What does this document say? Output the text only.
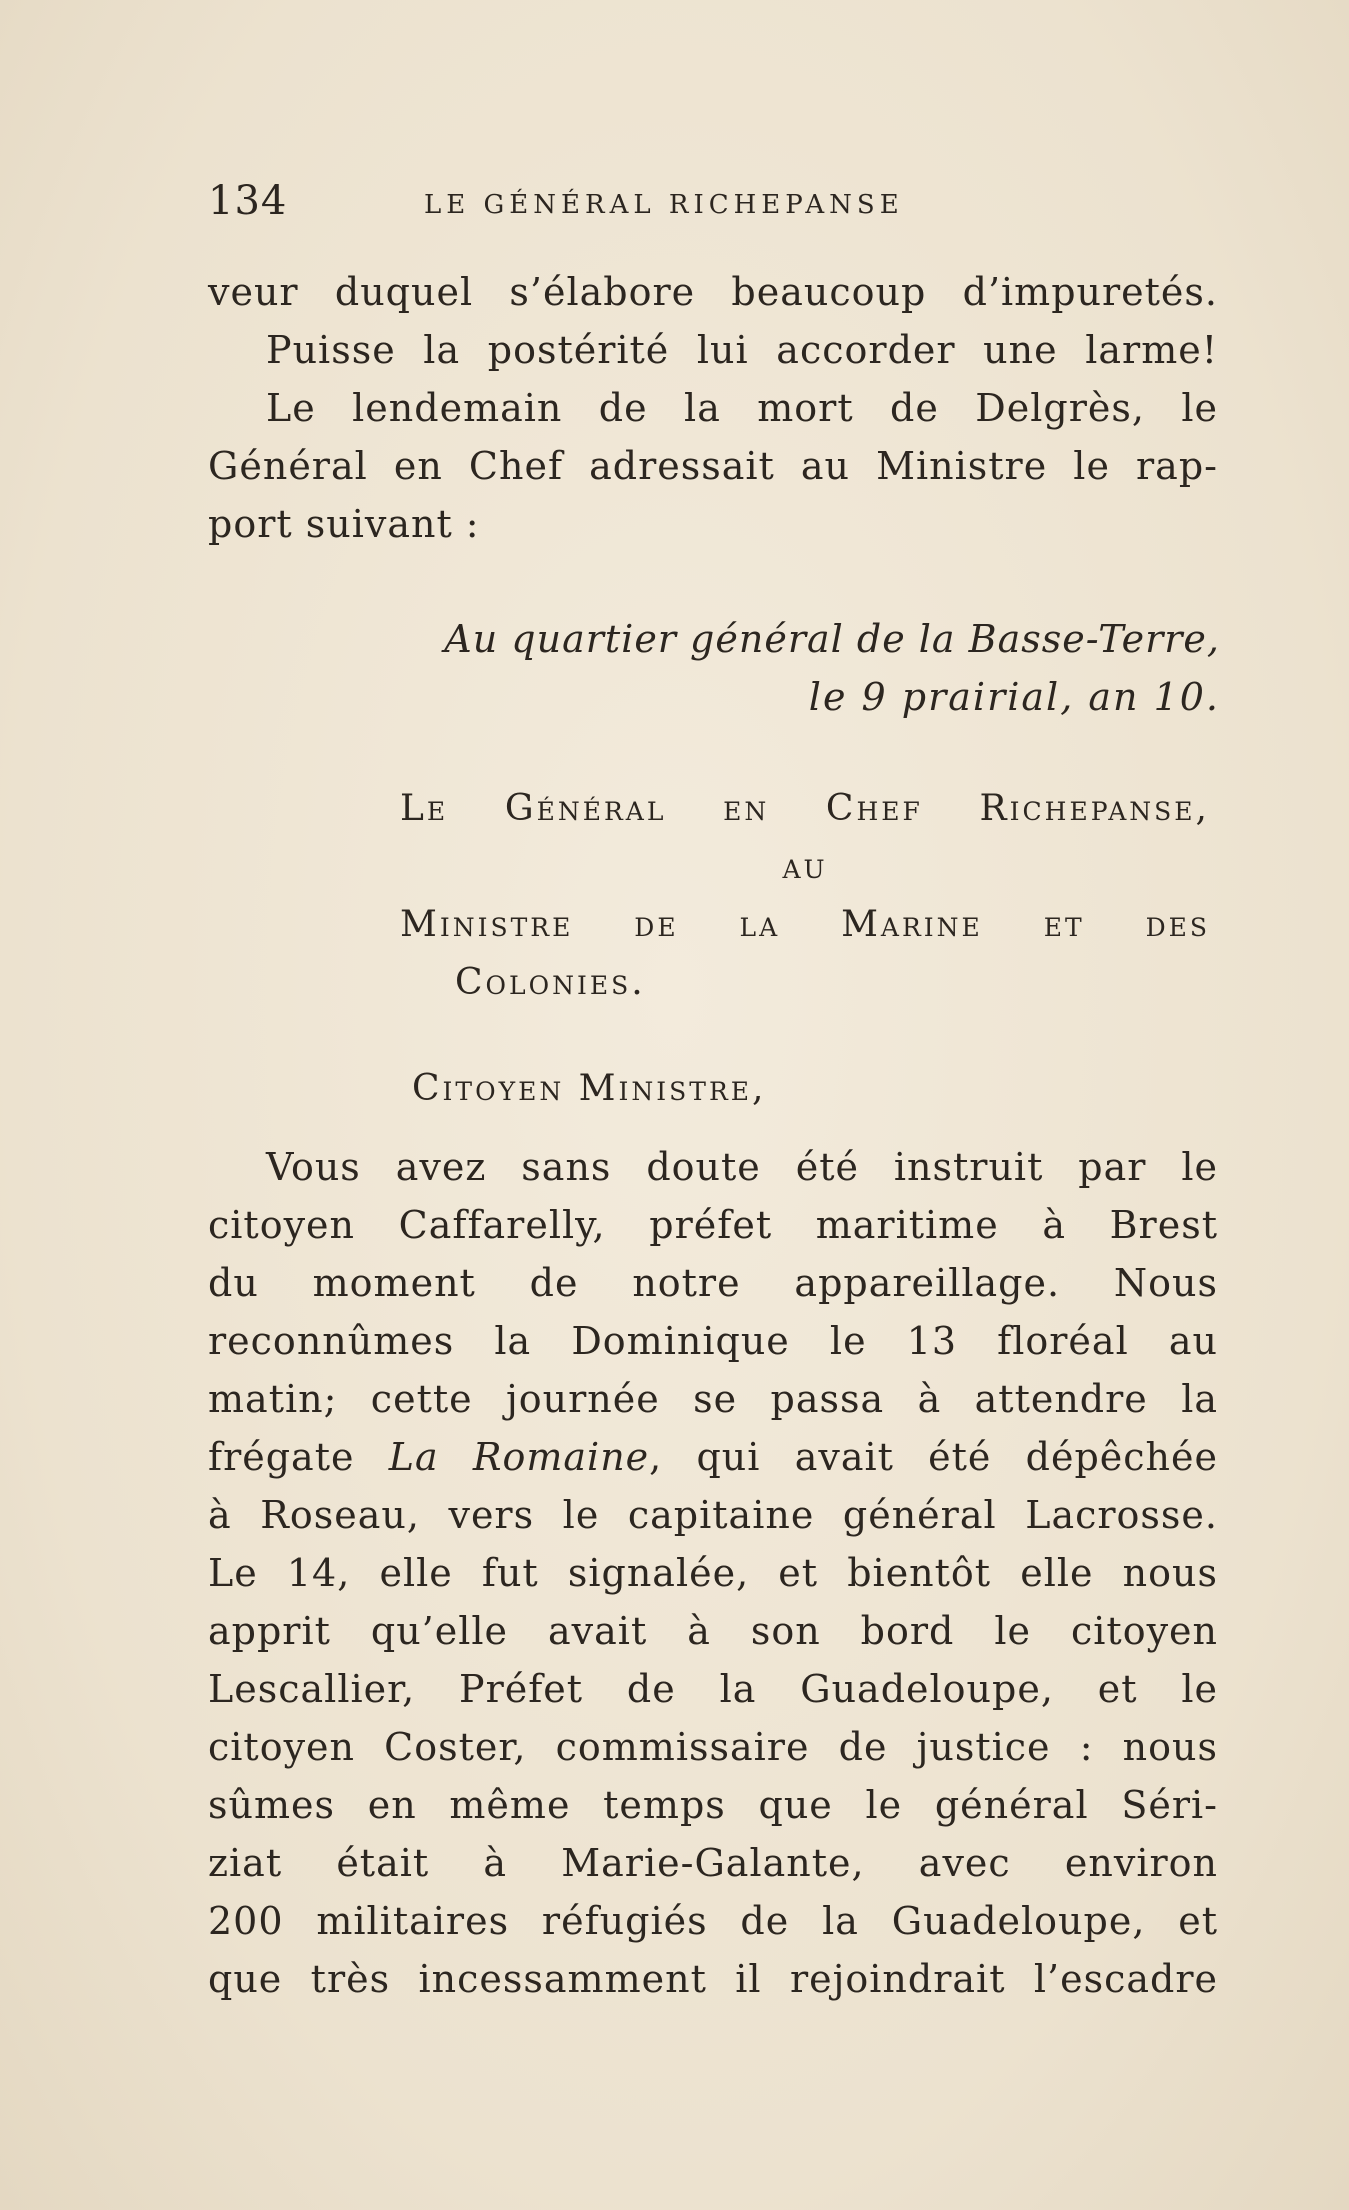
134	LE GÉNÉRAL RICHEPANSE
veur duquel s’élabore beaucoup d’impuretés.
Puisse la postérité lui accorder une larme!
Le lendemain de la mort de Delgrès, le
Général en Chef adressait au Ministre le rap-
port suivant :
Au quartier général de la Basse-Terre,
le 9 prairial, an 10.
Le Général en Chef Richepanse,
au
Ministre de la Marine et des
Colonies.
Citoyen Ministre,
Vous avez sans doute été instruit par le
citoyen Caffarelly, préfet maritime à Brest
du moment de notre appareillage. Nous
reconnûmes la Dominique le 13 floréal au
matin; cette journée se passa à attendre la
frégate La Romaine, qui avait été dépêchée
à Roseau, vers le capitaine général Lacrosse.
Le 14, elle fut signalée, et bientôt elle nous
apprit qu’elle avait à son bord le citoyen
Lescallier, Préfet de la Guadeloupe, et le
citoyen Coster, commissaire de justice : nous
sûmes en même temps que le général Séri-
ziat était à Marie-Galante, avec environ
200 militaires réfugiés de la Guadeloupe, et
que très incessamment il rejoindrait l’escadre
